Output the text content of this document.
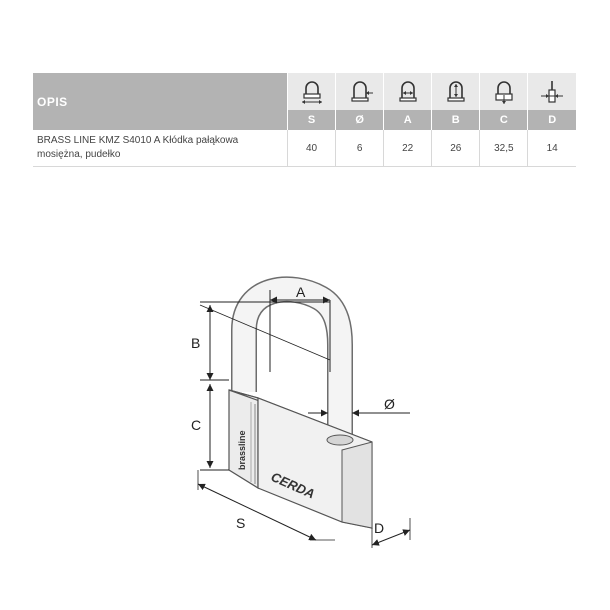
OPIS	S	Ø	A	B	C	D

BRASS LINE KMZ S4010 A Kłódka pałąkowa mosiężna, pudełko	40	6	22	26	32,5	14
brassline
CERDA
A
B
C
S	D
Ø
